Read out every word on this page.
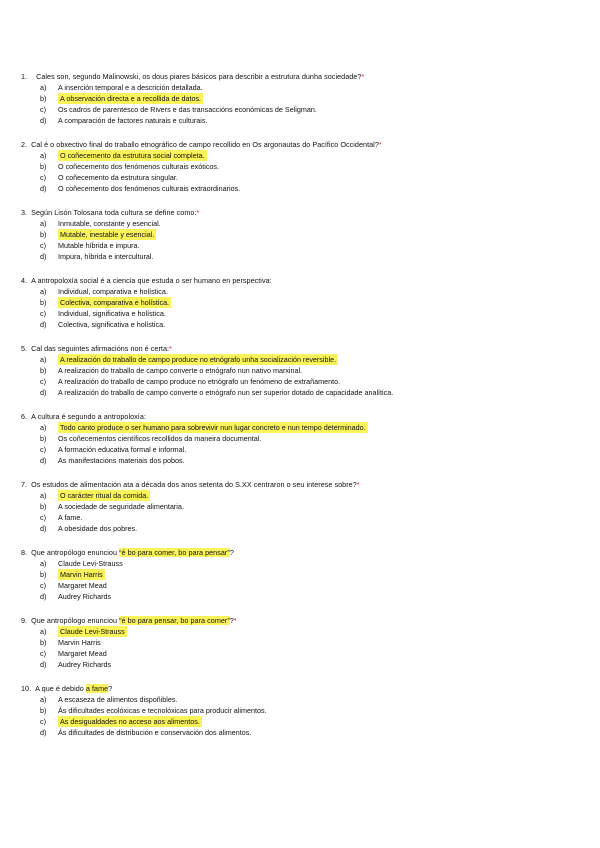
1. Cales son, segundo Malinowski, os dous piares básicos para describir a estrutura dunha sociedade?*
a) A inserción temporal e a descrición detallada.
b) A observación directa e a recollida de datos.
c) Os cadros de parentesco de Rivers e das transaccións económicas de Seligman.
d) A comparación de factores naturais e culturais.
2. Cal é o obxectivo final do traballo etnográfico de campo recollido en Os argonautas do Pacífico Occidental?*
a) O coñecemento da estrutura social completa.
b) O coñecemento dos fenómenos culturais exóticos.
c) O coñecemento da estrutura singular.
d) O coñecemento dos fenómenos culturais extraordinarios.
3. Según Lisón Tolosana toda cultura se define como:*
a) Inmutable, constante y esencial.
b) Mutable, inestable y esencial.
c) Mutable híbrida e impura.
d) Impura, híbrida e intercultural.
4. A antropoloxía social é a ciencia que estuda o ser humano en perspectiva:
a) Individual, comparativa e holística.
b) Colectiva, comparativa e holística.
c) Individual, significativa e holística.
d) Colectiva, significativa e holística.
5. Cal das seguintes afirmacións non é certa:*
a) A realización do traballo de campo produce no etnógrafo unha socialización reversible.
b) A realización do traballo de campo converte o etnógrafo nun nativo marxinal.
c) A realización do traballo de campo produce no etnógrafo un fenómeno de extrañamento.
d) A realización do traballo de campo converte o etnógrafo nun ser superior dotado de capacidade analítica.
6. A cultura é segundo a antropoloxía:
a) Todo canto produce o ser humano para sobrevivir nun lugar concreto e nun tempo determinado.
b) Os coñecementos científicos recollidos da maneira documental.
c) A formación educativa formal e informal.
d) As manifestacións materiais dos pobos.
7. Os estudos de alimentación ata a década dos anos setenta do S.XX centraron o seu interese sobre?*
a) O carácter ritual da comida.
b) A sociedade de seguridade alimentaria.
c) A fame.
d) A obesidade dos pobres.
8. Que antropólogo enunciou “é bo para comer, bo para pensar”?
a) Claude Levi-Strauss
b) Marvin Harris
c) Margaret Mead
d) Audrey Richards
9. Que antropólogo enunciou “é bo para pensar, bo para comer”?*
a) Claude Levi-Strauss
b) Marvin Harris
c) Margaret Mead
d) Audrey Richards
10. A que é debido a fame?
a) A escaseza de alimentos dispoñibles.
b) Ás dificultades ecolóxicas e tecnolóxicas para producir alimentos.
c) As desigualdades no acceso aos alimentos.
d) Ás dificultades de distribución e conservación dos alimentos.
